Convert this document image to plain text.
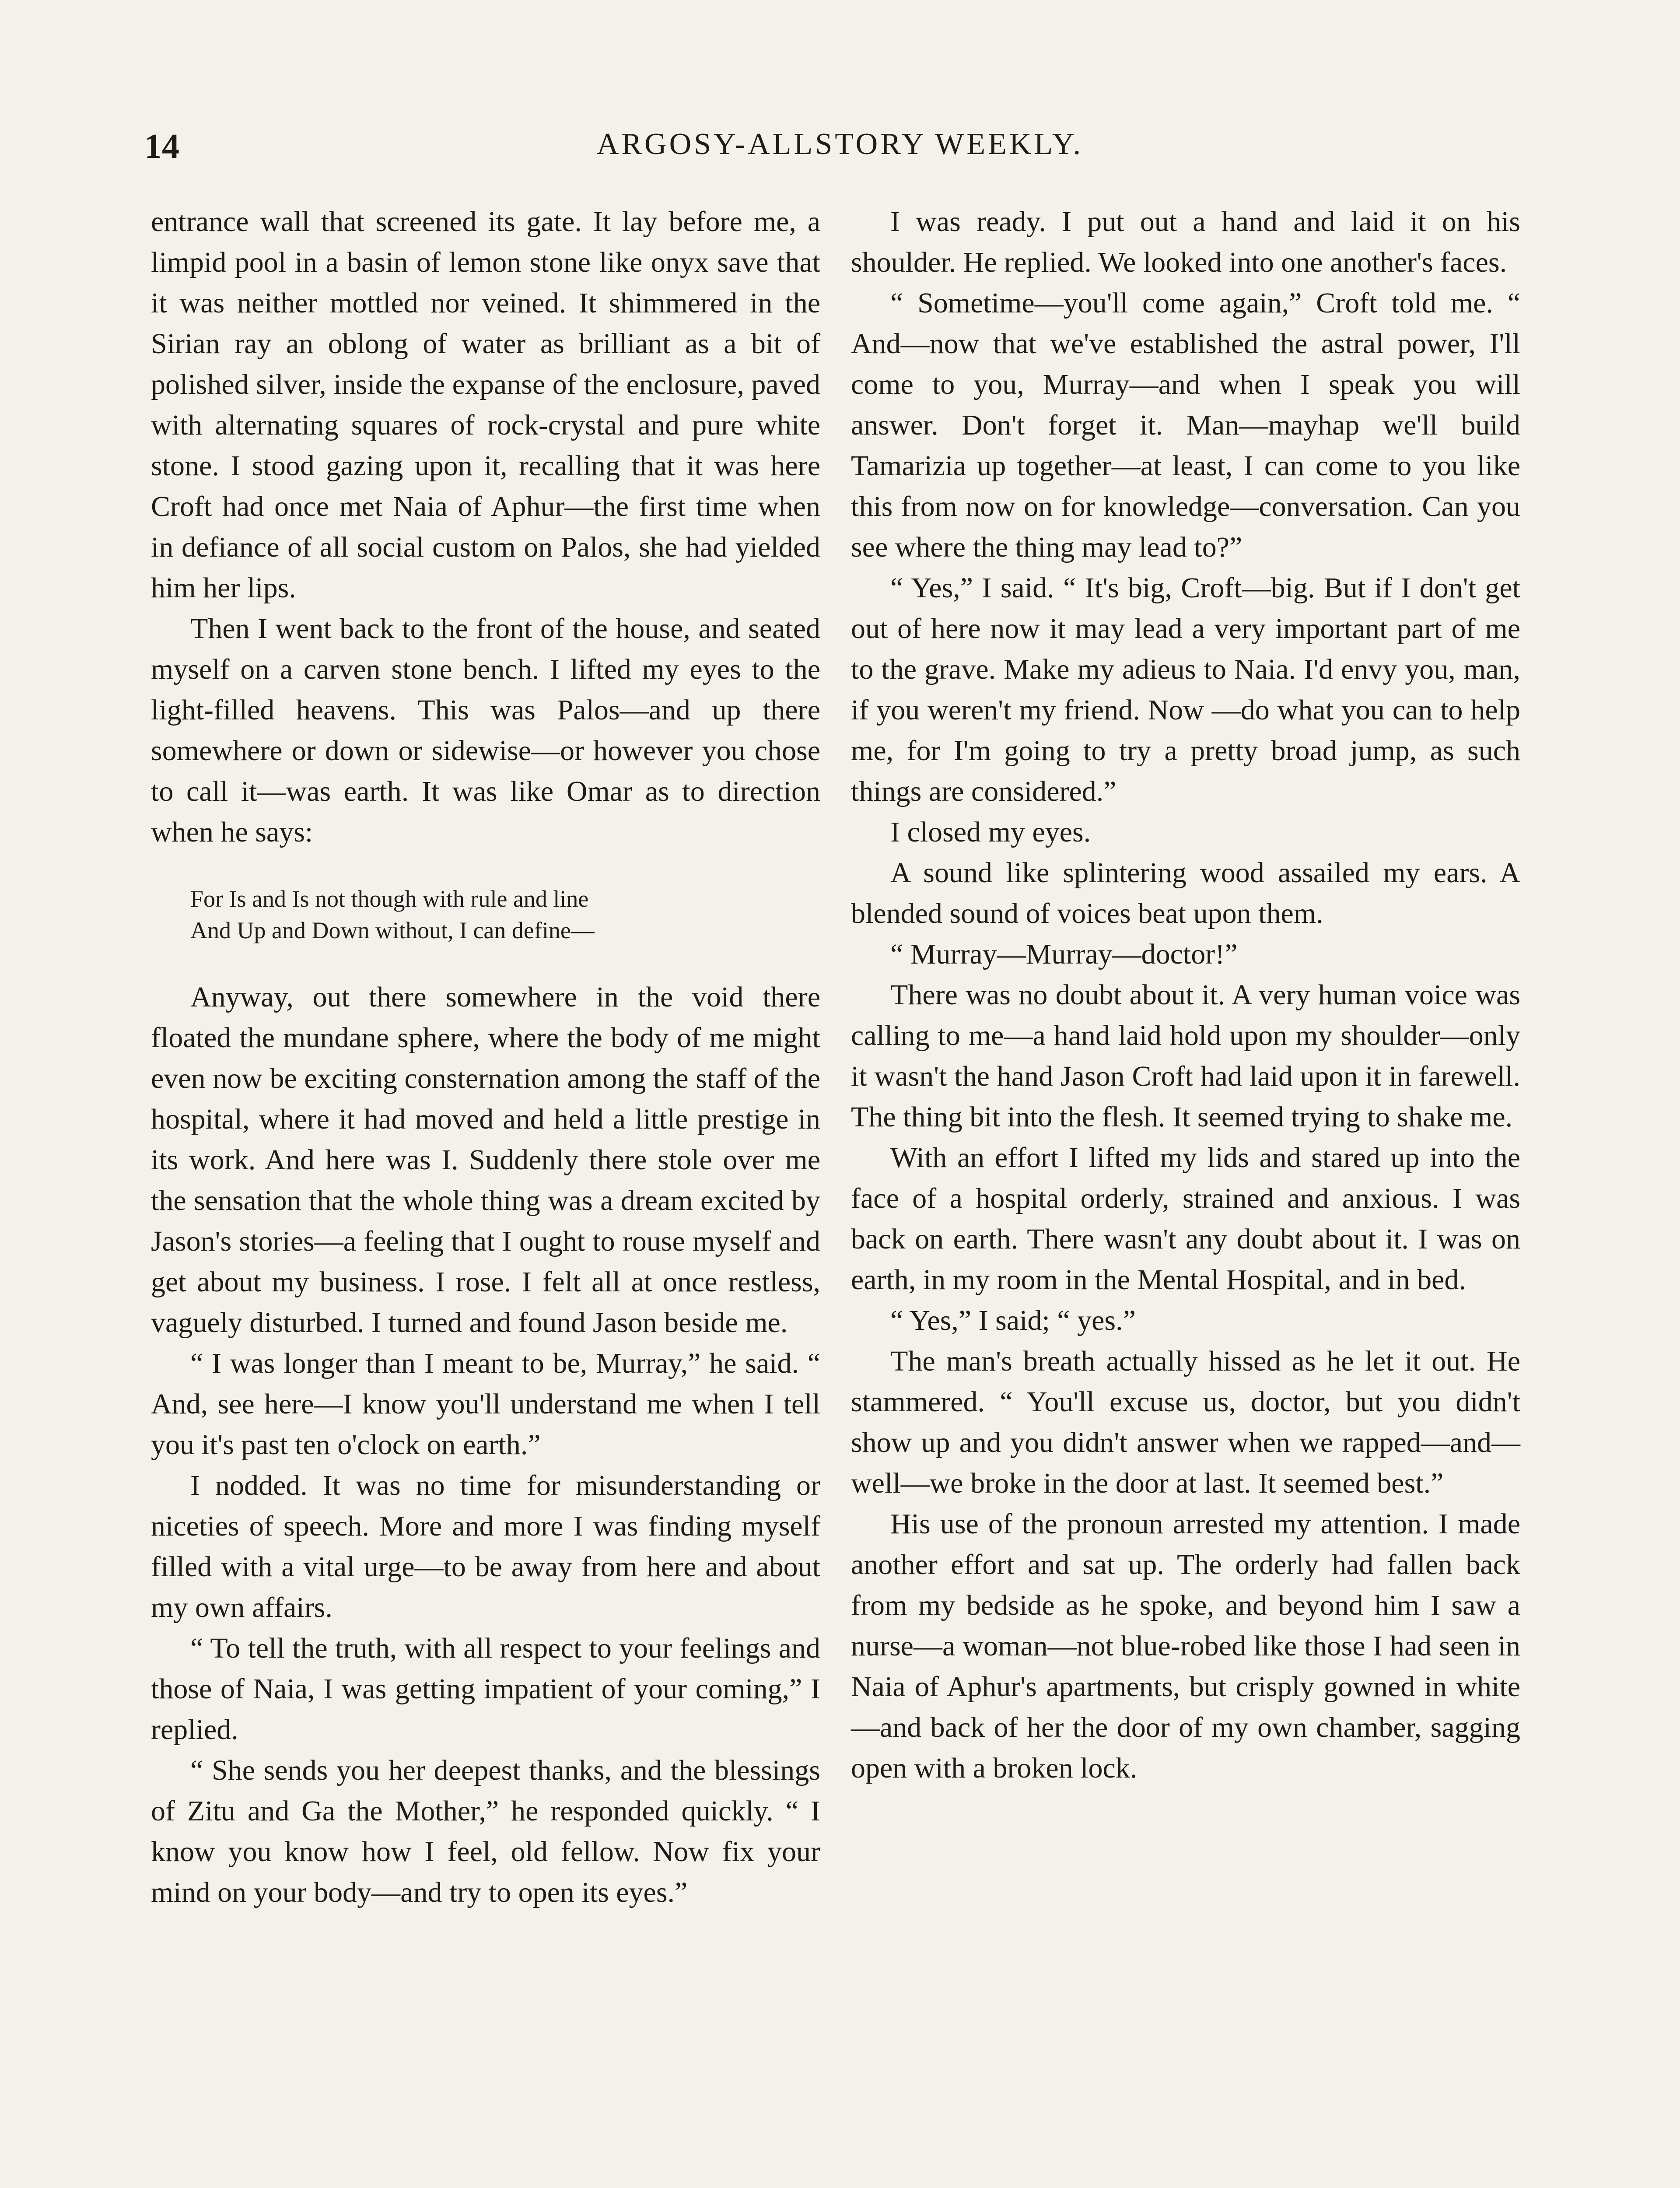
14	ARGOSY-ALLSTORY WEEKLY.

entrance wall that screened its gate. It lay before me, a limpid pool in a basin of lemon stone like onyx save that it was neither mottled nor veined. It shimmered in the Sirian ray an oblong of water as brilliant as a bit of polished silver, inside the expanse of the enclosure, paved with alternating squares of rock-crystal and pure white stone. I stood gazing upon it, recalling that it was here Croft had once met Naia of Aphur—the first time when in defiance of all social custom on Palos, she had yielded him her lips.

Then I went back to the front of the house, and seated myself on a carven stone bench. I lifted my eyes to the light-filled heavens. This was Palos—and up there somewhere or down or sidewise—or however you chose to call it—was earth. It was like Omar as to direction when he says:

For Is and Is not though with rule and line
And Up and Down without, I can define—

Anyway, out there somewhere in the void there floated the mundane sphere, where the body of me might even now be exciting consternation among the staff of the hospital, where it had moved and held a little prestige in its work. And here was I. Suddenly there stole over me the sensation that the whole thing was a dream excited by Jason's stories—a feeling that I ought to rouse myself and get about my business. I rose. I felt all at once restless, vaguely disturbed. I turned and found Jason beside me.

“ I was longer than I meant to be, Murray,” he said. “ And, see here—I know you'll understand me when I tell you it's past ten o'clock on earth.”

I nodded. It was no time for misunderstanding or niceties of speech. More and more I was finding myself filled with a vital urge—to be away from here and about my own affairs.

“ To tell the truth, with all respect to your feelings and those of Naia, I was getting impatient of your coming,” I replied.

“ She sends you her deepest thanks, and the blessings of Zitu and Ga the Mother,” he responded quickly. “ I know you know how I feel, old fellow. Now fix your mind on your body—and try to open its eyes.”

I was ready. I put out a hand and laid it on his shoulder. He replied. We looked into one another's faces.

“ Sometime—you'll come again,” Croft told me. “ And—now that we've established the astral power, I'll come to you, Murray—and when I speak you will answer. Don't forget it. Man—mayhap we'll build Tamarizia up together—at least, I can come to you like this from now on for knowledge—conversation. Can you see where the thing may lead to?”

“ Yes,” I said. “ It's big, Croft—big. But if I don't get out of here now it may lead a very important part of me to the grave. Make my adieus to Naia. I'd envy you, man, if you weren't my friend. Now —do what you can to help me, for I'm going to try a pretty broad jump, as such things are considered.”

I closed my eyes.

A sound like splintering wood assailed my ears. A blended sound of voices beat upon them.

“ Murray—Murray—doctor!”

There was no doubt about it. A very human voice was calling to me—a hand laid hold upon my shoulder—only it wasn't the hand Jason Croft had laid upon it in farewell. The thing bit into the flesh. It seemed trying to shake me.

With an effort I lifted my lids and stared up into the face of a hospital orderly, strained and anxious. I was back on earth. There wasn't any doubt about it. I was on earth, in my room in the Mental Hospital, and in bed.

“ Yes,” I said; “ yes.”

The man's breath actually hissed as he let it out. He stammered. “ You'll excuse us, doctor, but you didn't show up and you didn't answer when we rapped—and—well—we broke in the door at last. It seemed best.”

His use of the pronoun arrested my attention. I made another effort and sat up. The orderly had fallen back from my bedside as he spoke, and beyond him I saw a nurse—a woman—not blue-robed like those I had seen in Naia of Aphur's apartments, but crisply gowned in white—and back of her the door of my own chamber, sagging open with a broken lock.
